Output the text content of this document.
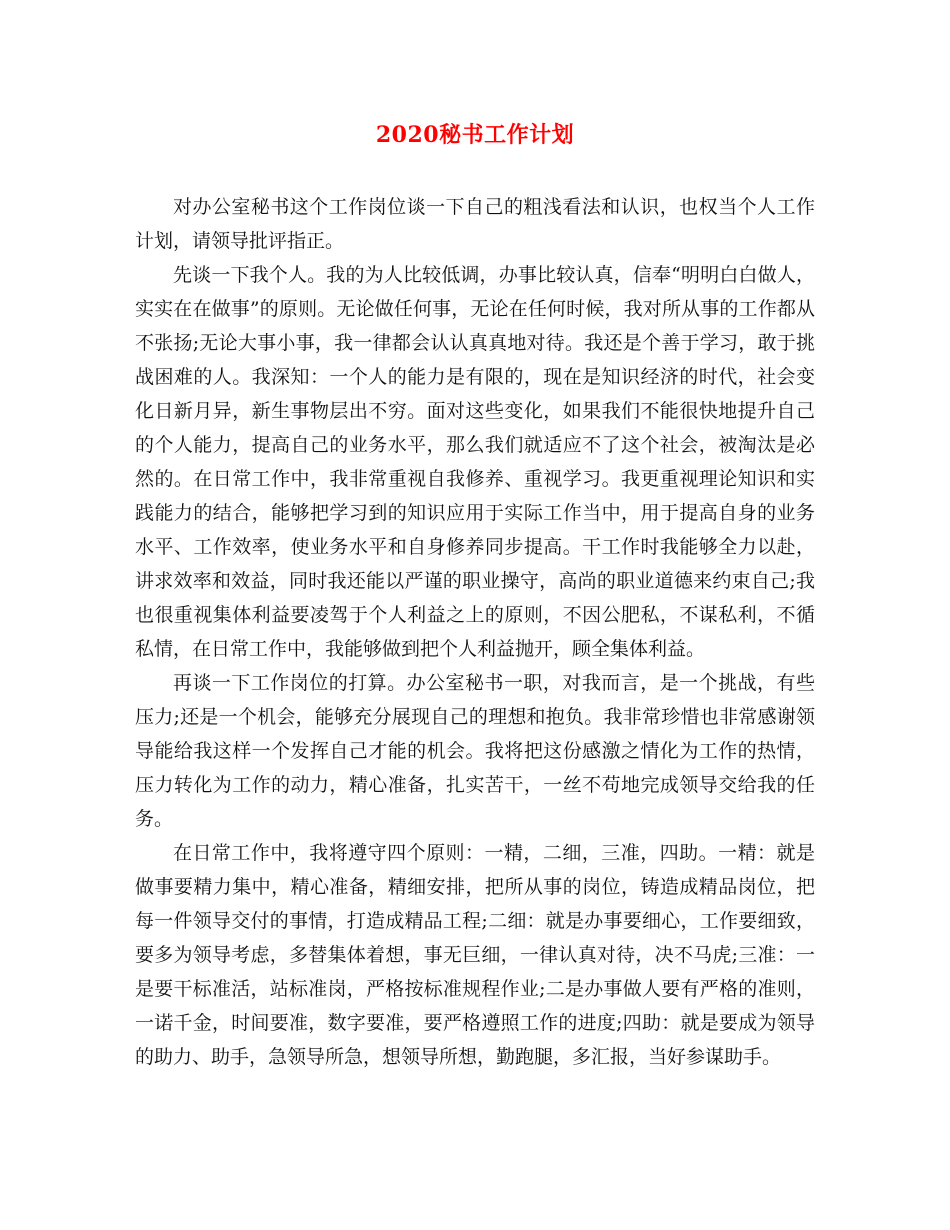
2020秘书工作计划

对办公室秘书这个工作岗位谈一下自己的粗浅看法和认识，也权当个人工作计划，请领导批评指正。

先谈一下我个人。我的为人比较低调，办事比较认真，信奉“明明白白做人，实实在在做事”的原则。无论做任何事，无论在任何时候，我对所从事的工作都从不张扬;无论大事小事，我一律都会认认真真地对待。我还是个善于学习，敢于挑战困难的人。我深知：一个人的能力是有限的，现在是知识经济的时代，社会变化日新月异，新生事物层出不穷。面对这些变化，如果我们不能很快地提升自己的个人能力，提高自己的业务水平，那么我们就适应不了这个社会，被淘汰是必然的。在日常工作中，我非常重视自我修养、重视学习。我更重视理论知识和实践能力的结合，能够把学习到的知识应用于实际工作当中，用于提高自身的业务水平、工作效率，使业务水平和自身修养同步提高。干工作时我能够全力以赴，讲求效率和效益，同时我还能以严谨的职业操守，高尚的职业道德来约束自己;我也很重视集体利益要凌驾于个人利益之上的原则，不因公肥私，不谋私利，不循私情，在日常工作中，我能够做到把个人利益抛开，顾全集体利益。

再谈一下工作岗位的打算。办公室秘书一职，对我而言，是一个挑战，有些压力;还是一个机会，能够充分展现自己的理想和抱负。我非常珍惜也非常感谢领导能给我这样一个发挥自己才能的机会。我将把这份感激之情化为工作的热情，压力转化为工作的动力，精心准备，扎实苦干，一丝不苟地完成领导交给我的任务。

在日常工作中，我将遵守四个原则：一精，二细，三准，四助。一精：就是做事要精力集中，精心准备，精细安排，把所从事的岗位，铸造成精品岗位，把每一件领导交付的事情，打造成精品工程;二细：就是办事要细心，工作要细致，要多为领导考虑，多替集体着想，事无巨细，一律认真对待，决不马虎;三准：一是要干标准活，站标准岗，严格按标准规程作业;二是办事做人要有严格的准则，一诺千金，时间要准，数字要准，要严格遵照工作的进度;四助：就是要成为领导的助力、助手，急领导所急，想领导所想，勤跑腿，多汇报，当好参谋助手。
